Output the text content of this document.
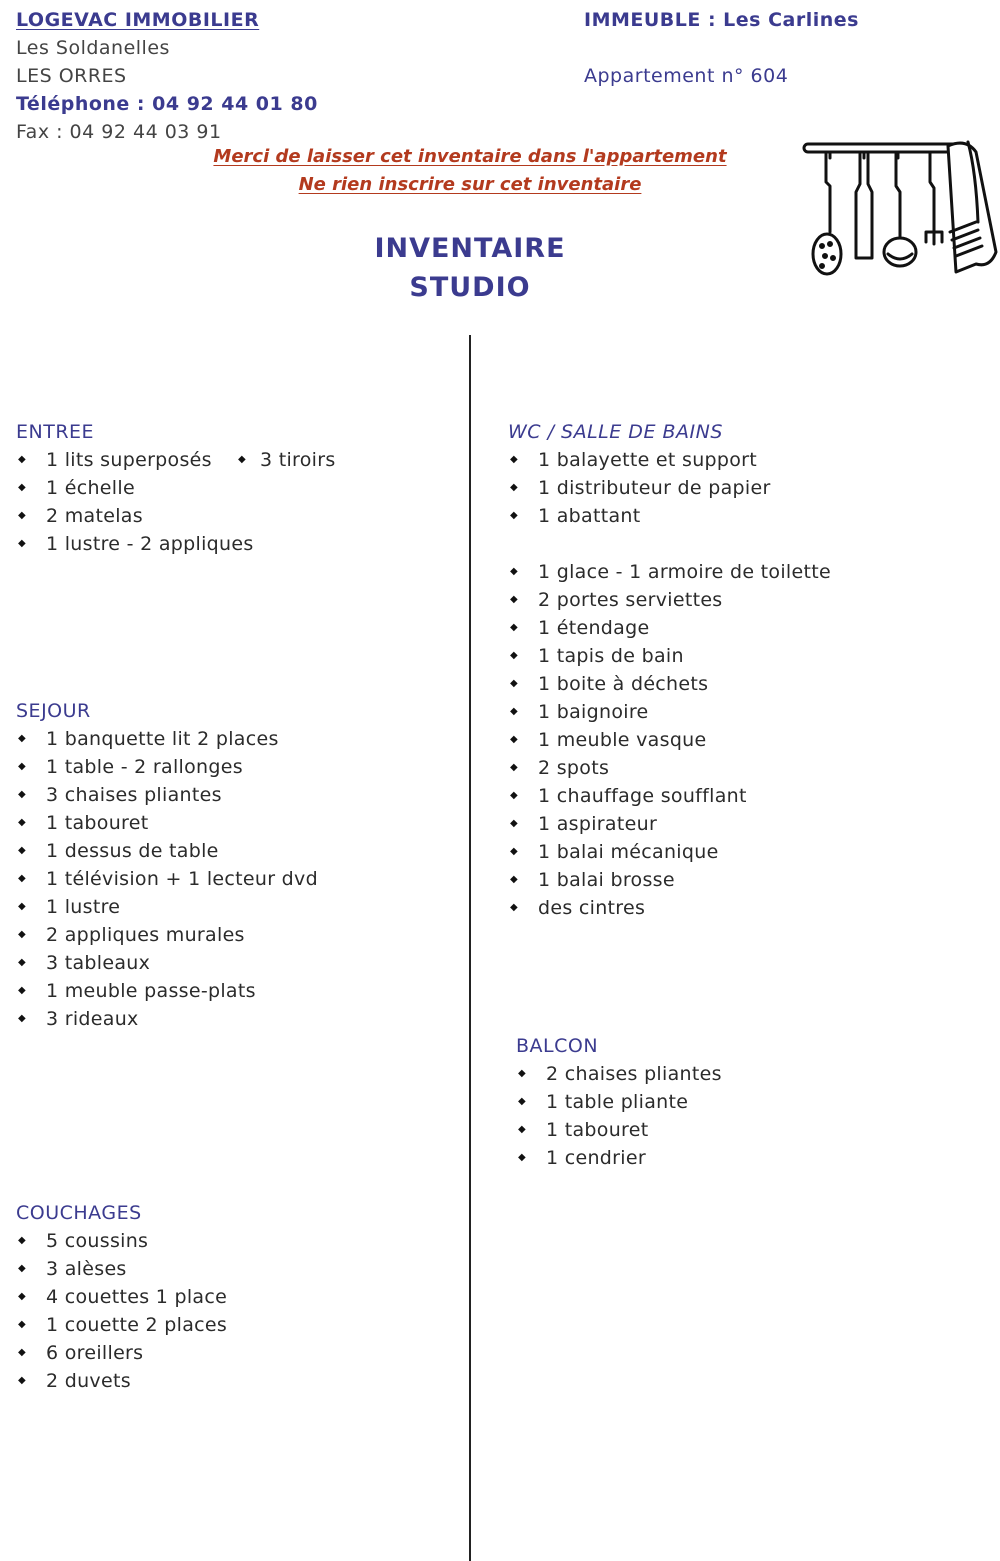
LOGEVAC IMMOBILIER
Les Soldanelles
LES ORRES
Téléphone : 04 92 44 01 80
Fax : 04 92 44 03 91
IMMEUBLE : Les Carlines
Appartement n° 604
Merci de laisser cet inventaire dans l'appartement
Ne rien inscrire sur cet inventaire
INVENTAIRE
STUDIO
ENTREE
◆ 1 lits superposés
◆ 1 échelle
◆ 2 matelas
◆ 1 lustre - 2 appliques
◆ 3 tiroirs
SEJOUR
◆ 1 banquette lit 2 places
◆ 1 table - 2 rallonges
◆ 3 chaises pliantes
◆ 1 tabouret
◆ 1 dessus de table
◆ 1 télévision + 1 lecteur dvd
◆ 1 lustre
◆ 2 appliques murales
◆ 3 tableaux
◆ 1 meuble passe-plats
◆ 3 rideaux
COUCHAGES
◆ 5 coussins
◆ 3 alèses
◆ 4 couettes 1 place
◆ 1 couette 2 places
◆ 6 oreillers
◆ 2 duvets
WC / SALLE DE BAINS
◆ 1 balayette et support
◆ 1 distributeur de papier
◆ 1 abattant
◆ 1 glace - 1 armoire de toilette
◆ 2 portes serviettes
◆ 1 étendage
◆ 1 tapis de bain
◆ 1 boite à déchets
◆ 1 baignoire
◆ 1 meuble vasque
◆ 2 spots
◆ 1 chauffage soufflant
◆ 1 aspirateur
◆ 1 balai mécanique
◆ 1 balai brosse
◆ des cintres
BALCON
◆ 2 chaises pliantes
◆ 1 table pliante
◆ 1 tabouret
◆ 1 cendrier
